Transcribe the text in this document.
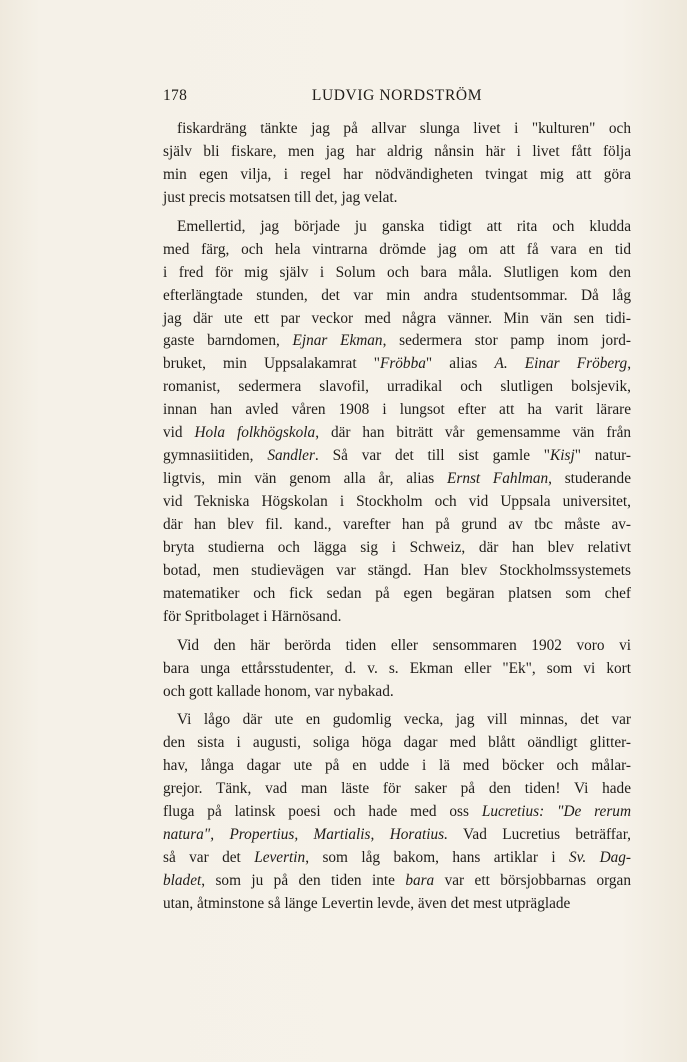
178	LUDVIG NORDSTRÖM
fiskardräng tänkte jag på allvar slunga livet i "kulturen" och
själv bli fiskare, men jag har aldrig nånsin här i livet fått följa
min egen vilja, i regel har nödvändigheten tvingat mig att göra
just precis motsatsen till det, jag velat.
Emellertid, jag började ju ganska tidigt att rita och kludda
med färg, och hela vintrarna drömde jag om att få vara en tid
i fred för mig själv i Solum och bara måla. Slutligen kom den
efterlängtade stunden, det var min andra studentsommar. Då låg
jag där ute ett par veckor med några vänner. Min vän sen tidi-
gaste barndomen, Ejnar Ekman, sedermera stor pamp inom jord-
bruket, min Uppsalakamrat "Fröbba" alias A. Einar Fröberg,
romanist, sedermera slavofil, urradikal och slutligen bolsjevik,
innan han avled våren 1908 i lungsot efter att ha varit lärare
vid Hola folkhögskola, där han biträtt vår gemensamme vän från
gymnasiitiden, Sandler. Så var det till sist gamle "Kisj" natur-
ligtvis, min vän genom alla år, alias Ernst Fahlman, studerande
vid Tekniska Högskolan i Stockholm och vid Uppsala universitet,
där han blev fil. kand., varefter han på grund av tbc måste av-
bryta studierna och lägga sig i Schweiz, där han blev relativt
botad, men studievägen var stängd. Han blev Stockholmssystemets
matematiker och fick sedan på egen begäran platsen som chef
för Spritbolaget i Härnösand.
Vid den här berörda tiden eller sensommaren 1902 voro vi
bara unga ettårsstudenter, d. v. s. Ekman eller "Ek", som vi kort
och gott kallade honom, var nybakad.
Vi lågo där ute en gudomlig vecka, jag vill minnas, det var
den sista i augusti, soliga höga dagar med blått oändligt glitter-
hav, långa dagar ute på en udde i lä med böcker och målar-
grejor. Tänk, vad man läste för saker på den tiden! Vi hade
fluga på latinsk poesi och hade med oss Lucretius: "De rerum
natura", Propertius, Martialis, Horatius. Vad Lucretius beträffar,
så var det Levertin, som låg bakom, hans artiklar i Sv. Dag-
bladet, som ju på den tiden inte bara var ett börsjobbarnas organ
utan, åtminstone så länge Levertin levde, även det mest utpräglade
